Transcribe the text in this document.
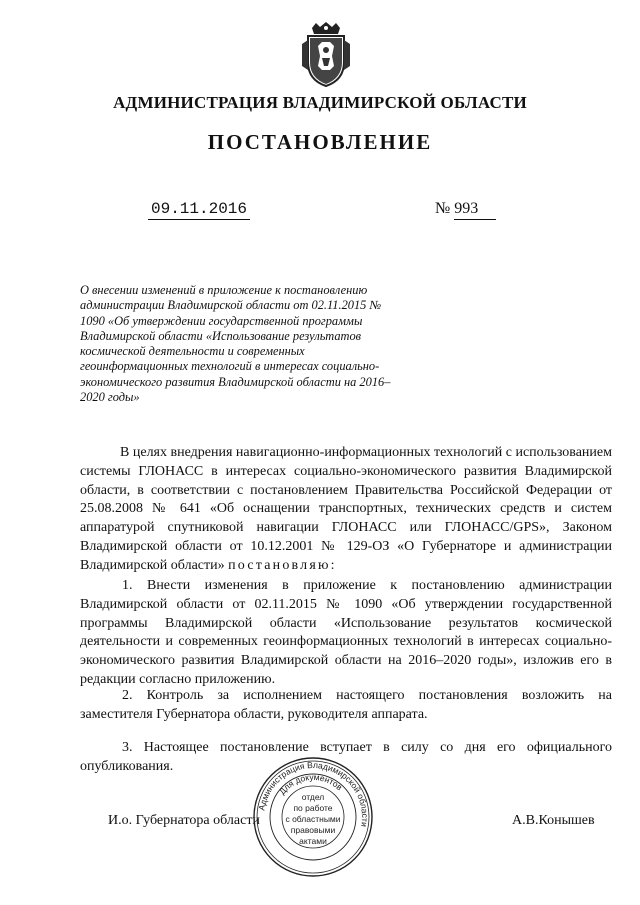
АДМИНИСТРАЦИЯ ВЛАДИМИРСКОЙ ОБЛАСТИ
ПОСТАНОВЛЕНИЕ
09.11.2016	№ 993
О внесении изменений в приложение к постановлению администрации Владимирской области от 02.11.2015 № 1090 «Об утверждении государственной программы Владимирской области «Использование результатов космической деятельности и современных геоинформационных технологий в интересах социально-экономического развития Владимирской области на 2016–2020 годы»
В целях внедрения навигационно-информационных технологий с использованием системы ГЛОНАСС в интересах социально-экономического развития Владимирской области, в соответствии с постановлением Правительства Российской Федерации от 25.08.2008 № 641 «Об оснащении транспортных, технических средств и систем аппаратурой спутниковой навигации ГЛОНАСС или ГЛОНАСС/GPS», Законом Владимирской области от 10.12.2001 № 129-ОЗ «О Губернаторе и администрации Владимирской области» постановляю:
1. Внести изменения в приложение к постановлению администрации Владимирской области от 02.11.2015 № 1090 «Об утверждении государственной программы Владимирской области «Использование результатов космической деятельности и современных геоинформационных технологий в интересах социально-экономического развития Владимирской области на 2016–2020 годы», изложив его в редакции согласно приложению.
2. Контроль за исполнением настоящего постановления возложить на заместителя Губернатора области, руководителя аппарата.
3. Настоящее постановление вступает в силу со дня его официального опубликования.
И.о. Губернатора области	А.В.Конышев
Администрация Владимирской области
Для документов
отдел
по работе
с областными
правовыми
актами
